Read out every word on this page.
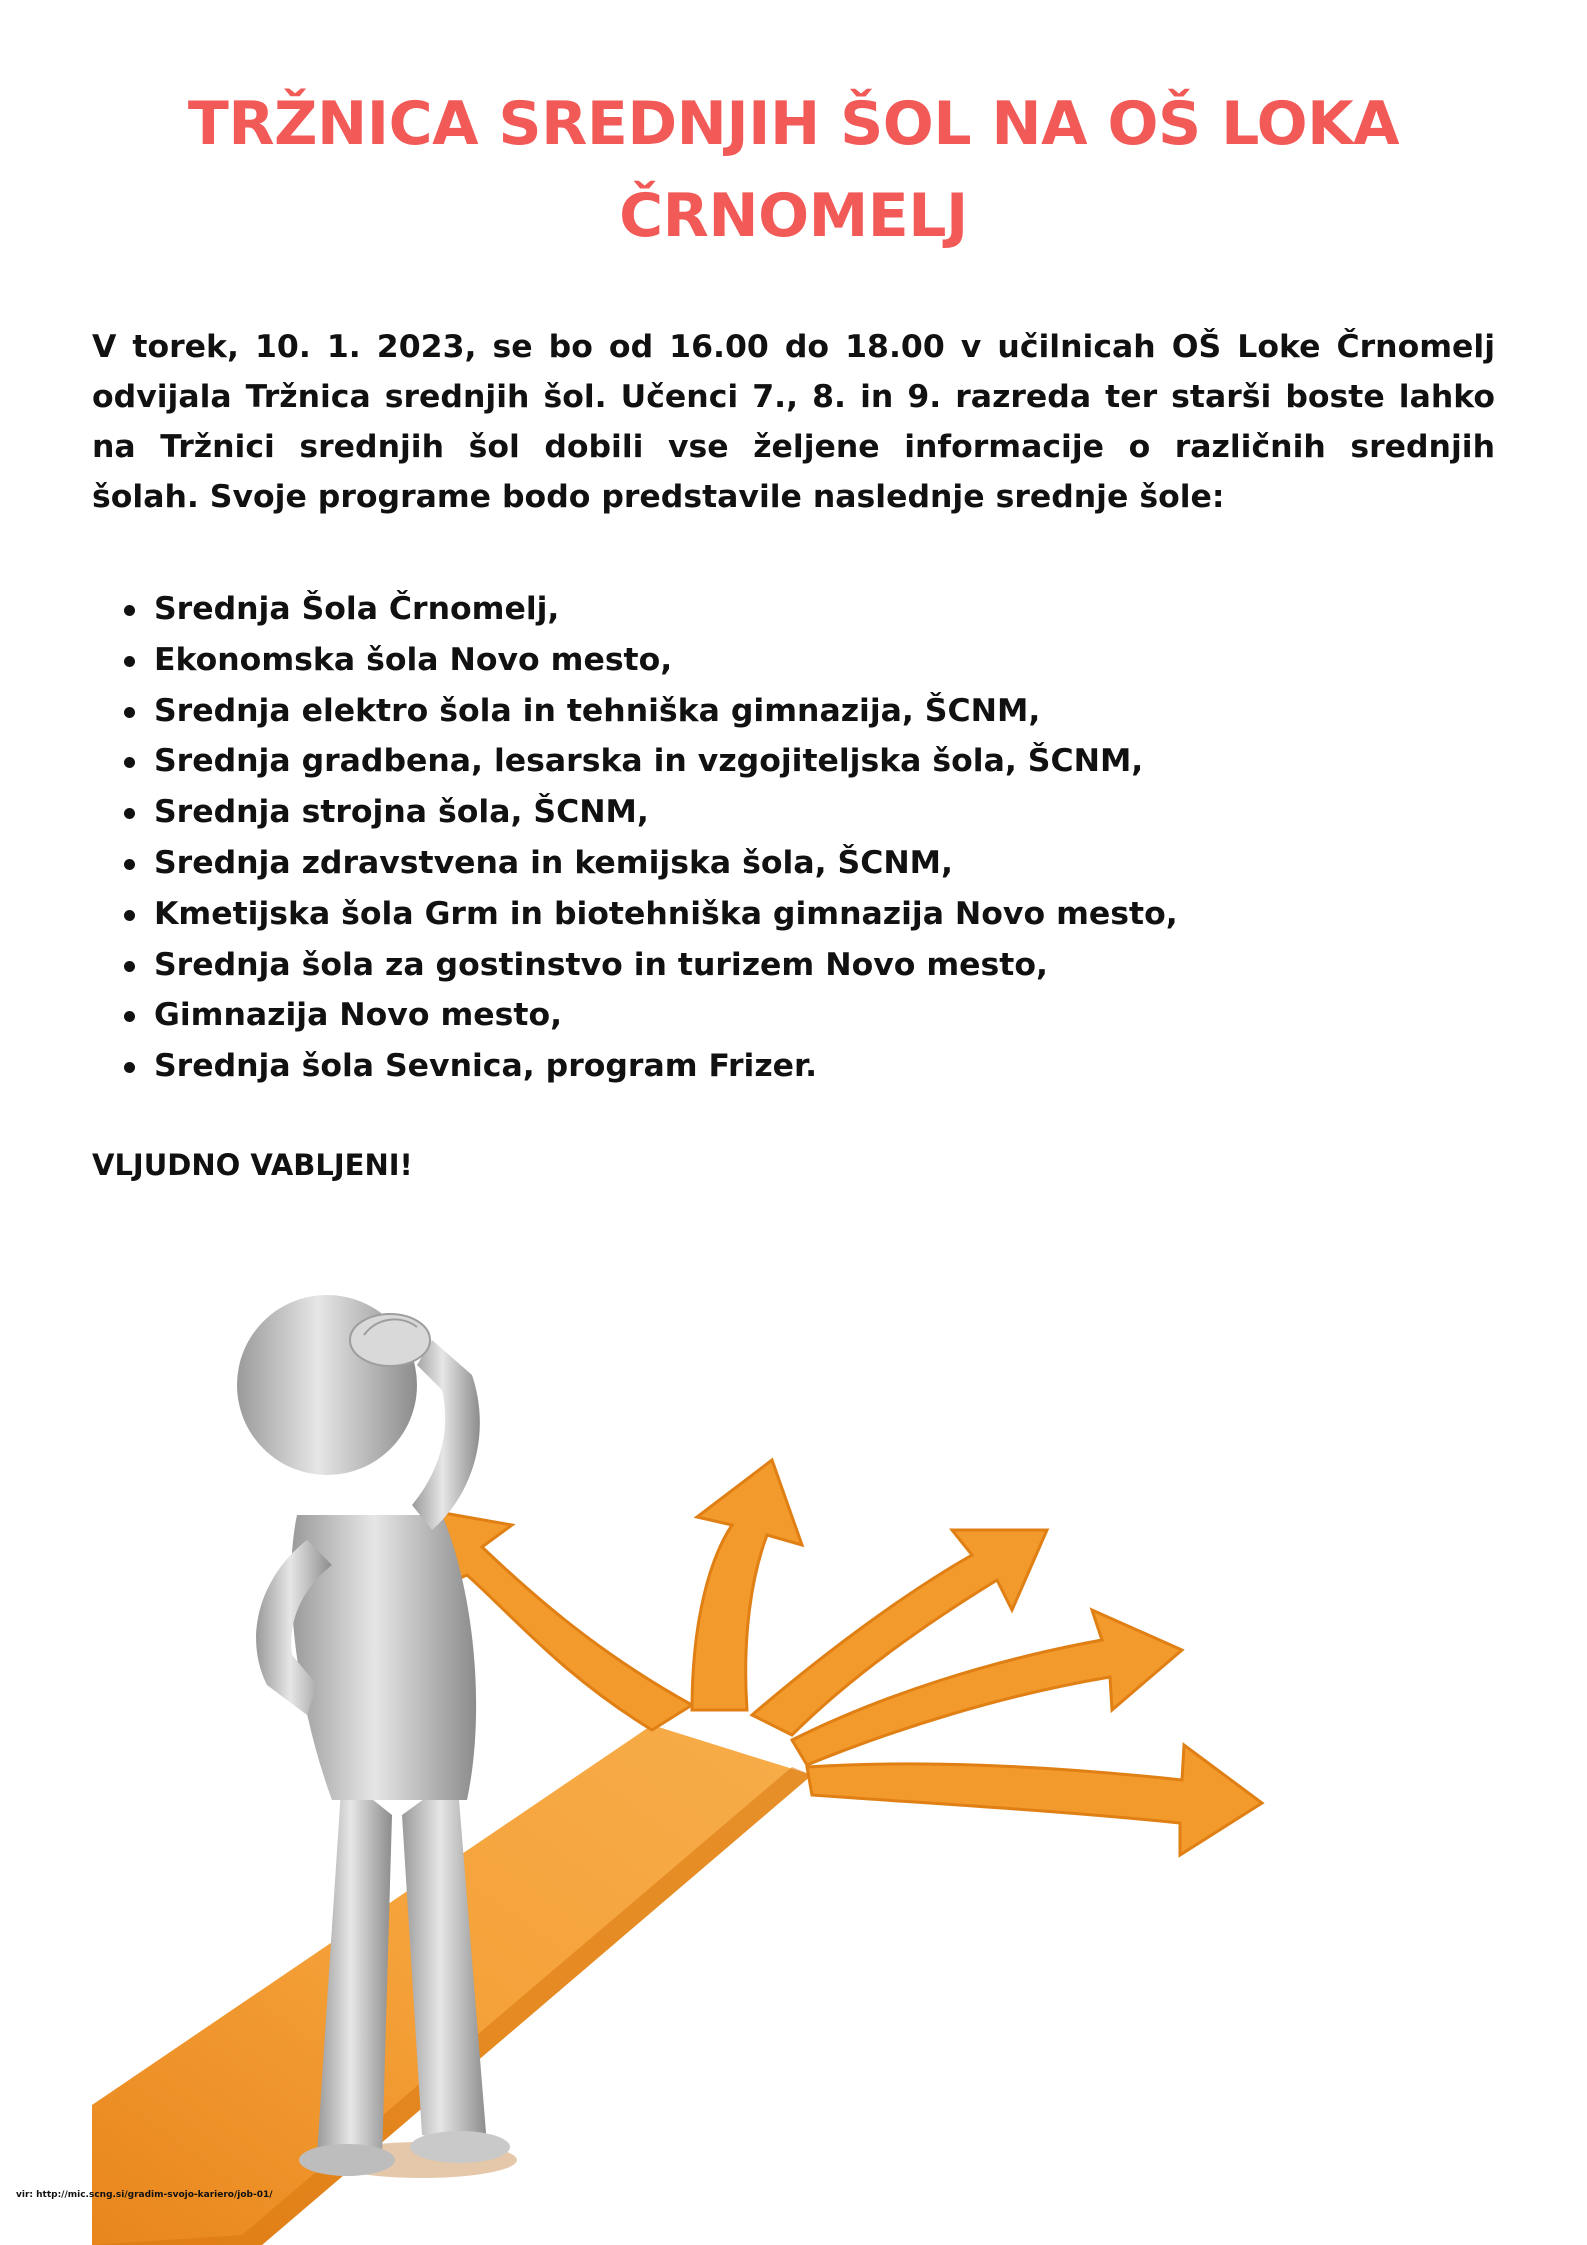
TRŽNICA SREDNJIH ŠOL NA OŠ LOKA
ČRNOMELJ

V torek, 10. 1. 2023, se bo od 16.00 do 18.00 v učilnicah OŠ Loke Črnomelj
odvijala Tržnica srednjih šol. Učenci 7., 8. in 9. razreda ter starši boste lahko
na Tržnici srednjih šol dobili vse željene informacije o različnih srednjih
šolah. Svoje programe bodo predstavile naslednje srednje šole:

Srednja Šola Črnomelj,
Ekonomska šola Novo mesto,
Srednja elektro šola in tehniška gimnazija, ŠCNM,
Srednja gradbena, lesarska in vzgojiteljska šola, ŠCNM,
Srednja strojna šola, ŠCNM,
Srednja zdravstvena in kemijska šola, ŠCNM,
Kmetijska šola Grm in biotehniška gimnazija Novo mesto,
Srednja šola za gostinstvo in turizem Novo mesto,
Gimnazija Novo mesto,
Srednja šola Sevnica, program Frizer.

VLJUDNO VABLJENI!

vir: http://mic.scng.si/gradim-svojo-kariero/job-01/
